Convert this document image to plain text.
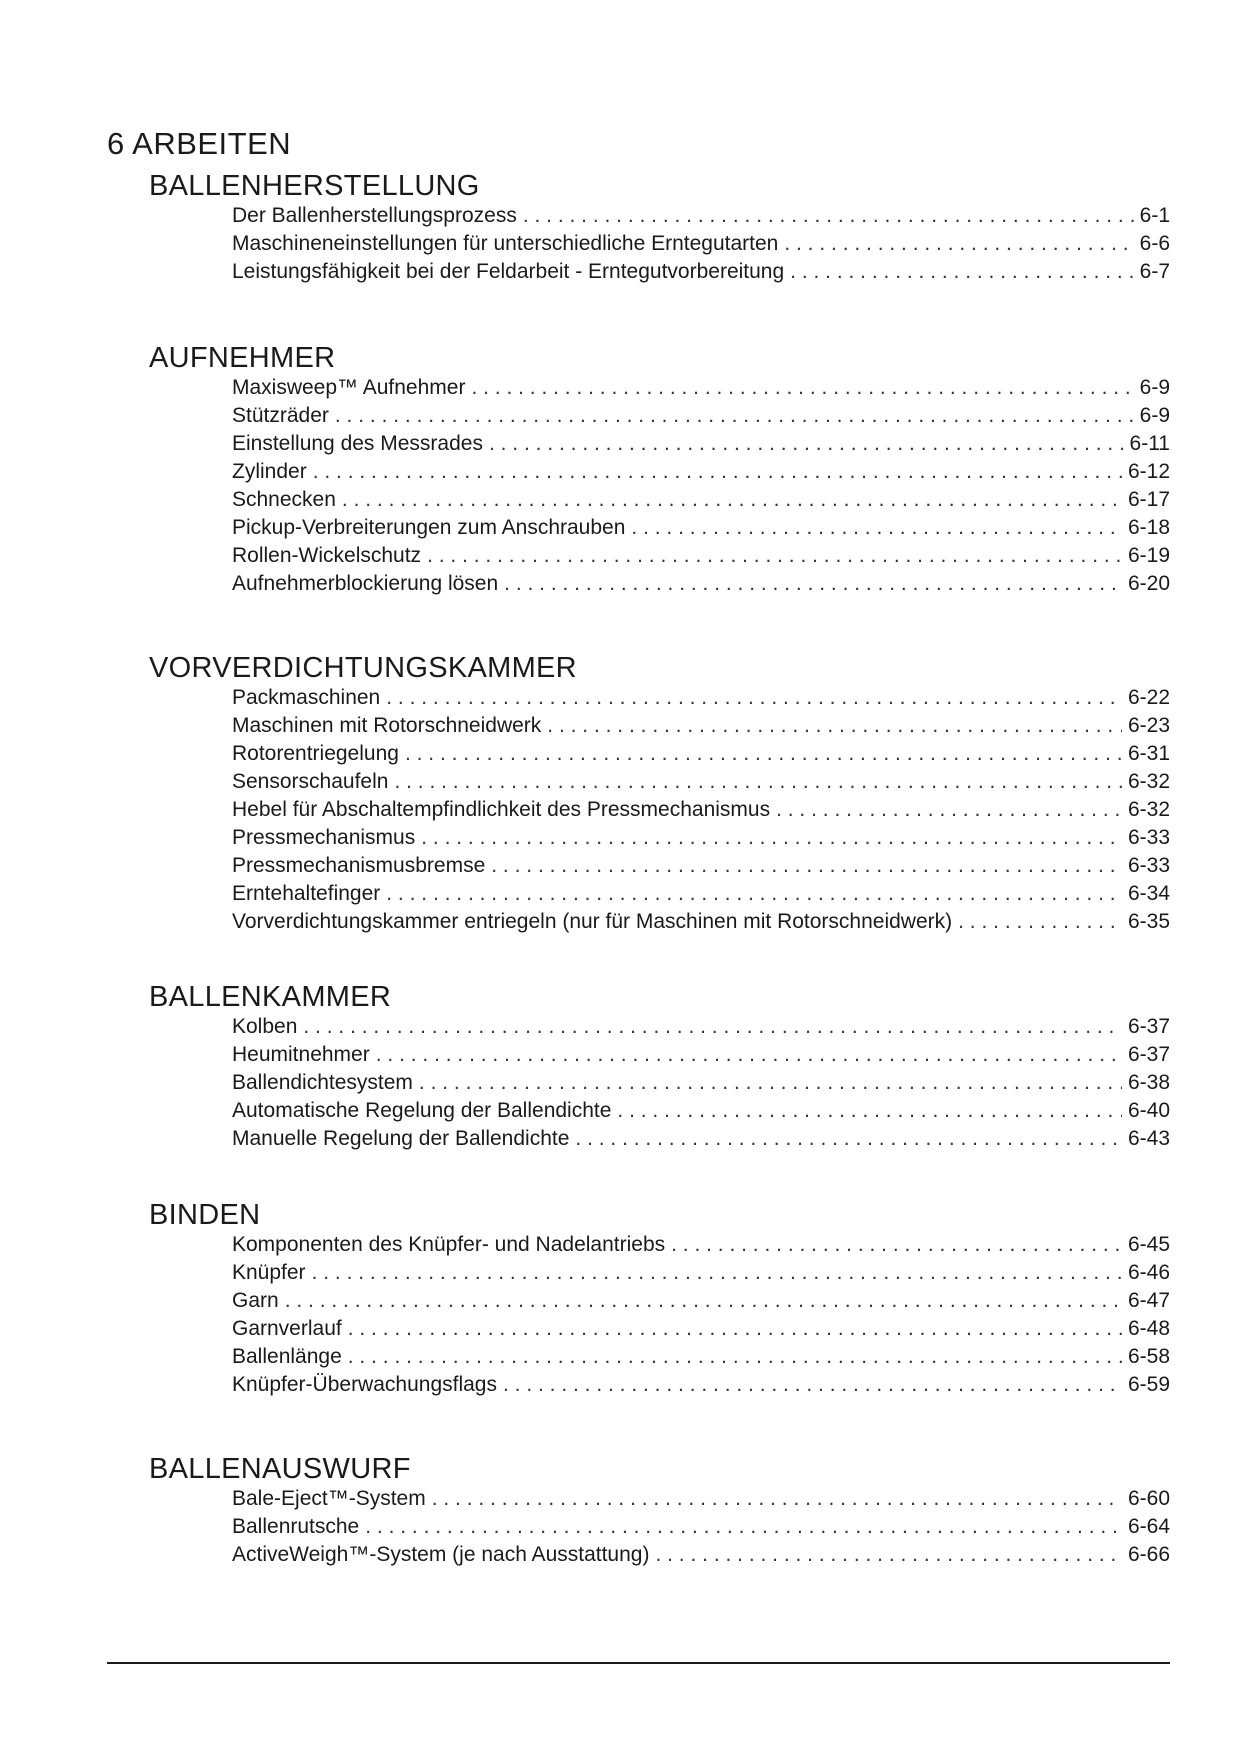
6 ARBEITEN
BALLENHERSTELLUNG
Der Ballenherstellungsprozess . . .	6-1
Maschineneinstellungen für unterschiedliche Erntegutarten . . .	6-6
Leistungsfähigkeit bei der Feldarbeit - Erntegutvorbereitung . . .	6-7
AUFNEHMER
Maxisweep™ Aufnehmer . . .	6-9
Stützräder . . .	6-9
Einstellung des Messrades . . .	6-11
Zylinder . . .	6-12
Schnecken . . .	6-17
Pickup-Verbreiterungen zum Anschrauben . . .	6-18
Rollen-Wickelschutz . . .	6-19
Aufnehmerblockierung lösen . . .	6-20
VORVERDICHTUNGSKAMMER
Packmaschinen . . .	6-22
Maschinen mit Rotorschneidwerk . . .	6-23
Rotorentriegelung . . .	6-31
Sensorschaufeln . . .	6-32
Hebel für Abschaltempfindlichkeit des Pressmechanismus . . .	6-32
Pressmechanismus . . .	6-33
Pressmechanismusbremse . . .	6-33
Erntehaltefinger . . .	6-34
Vorverdichtungskammer entriegeln (nur für Maschinen mit Rotorschneidwerk) . . .	6-35
BALLENKAMMER
Kolben . . .	6-37
Heumitnehmer . . .	6-37
Ballendichtesystem . . .	6-38
Automatische Regelung der Ballendichte . . .	6-40
Manuelle Regelung der Ballendichte . . .	6-43
BINDEN
Komponenten des Knüpfer- und Nadelantriebs . . .	6-45
Knüpfer . . .	6-46
Garn . . .	6-47
Garnverlauf . . .	6-48
Ballenlänge . . .	6-58
Knüpfer-Überwachungsflags . . .	6-59
BALLENAUSWURF
Bale-Eject™-System . . .	6-60
Ballenrutsche . . .	6-64
ActiveWeigh™-System (je nach Ausstattung) . . .	6-66
